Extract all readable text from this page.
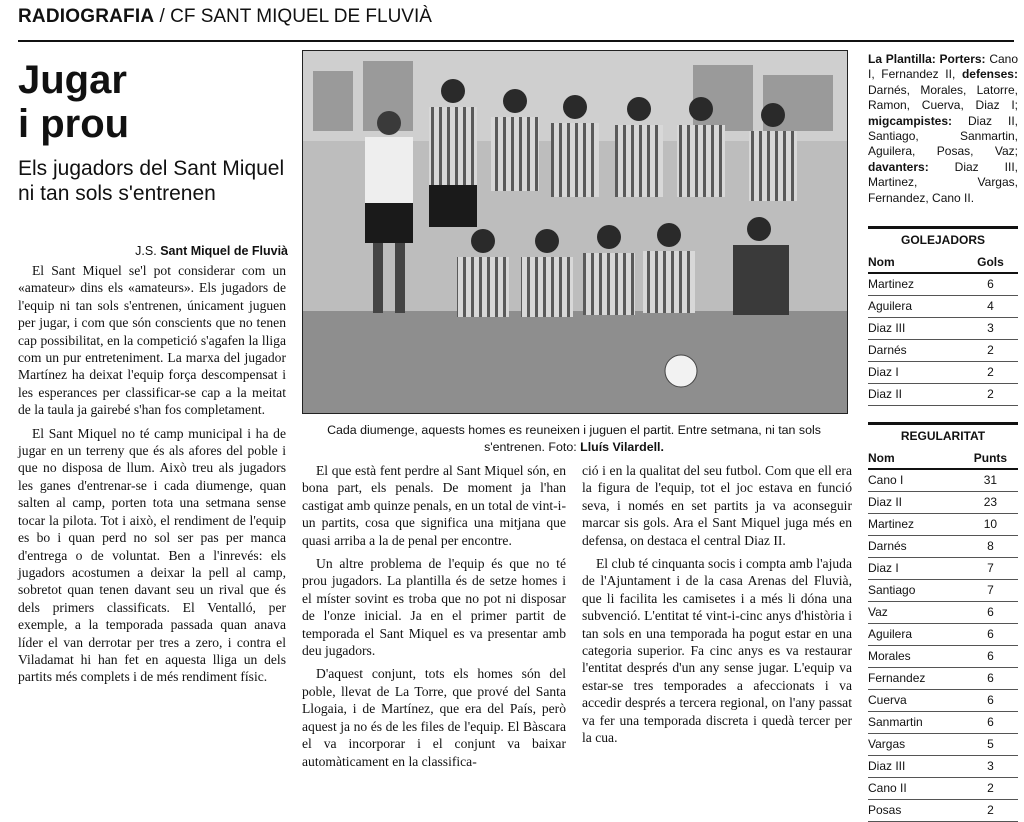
RADIOGRAFIA / CF SANT MIQUEL DE FLUVIÀ
Jugar
i prou
Els jugadors del Sant Miquel ni tan sols s'entrenen
J.S. Sant Miquel de Fluvià

El Sant Miquel se'l pot considerar com un «amateur» dins els «amateurs». Els jugadors de l'equip ni tan sols s'entrenen, únicament juguen per jugar, i com que són conscients que no tenen cap possibilitat, en la competició s'agafen la lliga com un pur entreteniment. La marxa del jugador Martínez ha deixat l'equip força descompensat i les esperances per classificar-se cap a la meitat de la taula ja gairebé s'han fos completament.

El Sant Miquel no té camp municipal i ha de jugar en un terreny que és als afores del poble i que no disposa de llum. Això treu als jugadors les ganes d'entrenar-se i cada diumenge, quan salten al camp, porten tota una setmana sense tocar la pilota. Tot i això, el rendiment de l'equip es bo i quan perd no sol ser pas per manca d'entrega o de voluntat. Ben a l'inrevés: els jugadors acostumen a deixar la pell al camp, sobretot quan tenen davant seu un rival que és dels primers classificats. El Ventalló, per exemple, a la temporada passada quan anava líder el van derrotar per tres a zero, i contra el Viladamat hi han fet en aquesta lliga un dels partits més complets i de més rendiment físic.

Cada diumenge, aquests homes es reuneixen i juguen el partit. Entre setmana, ni tan sols s'entrenen. Foto: Lluís Vilardell.

El que està fent perdre al Sant Miquel són, en bona part, els penals. De moment ja l'han castigat amb quinze penals, en un total de vint-i-un partits, cosa que significa una mitjana que quasi arriba a la de penal per encontre.

Un altre problema de l'equip és que no té prou jugadors. La plantilla és de setze homes i el míster sovint es troba que no pot ni disposar de l'onze inicial. Ja en el primer partit de temporada el Sant Miquel es va presentar amb deu jugadors.

D'aquest conjunt, tots els homes són del poble, llevat de La Torre, que prové del Santa Llogaia, i de Martínez, que era del País, però aquest ja no és de les files de l'equip. El Bàscara el va incorporar i el conjunt va baixar automàticament en la classifica-

ció i en la qualitat del seu futbol. Com que ell era la figura de l'equip, tot el joc estava en funció seva, i només en set partits ja va aconseguir marcar sis gols. Ara el Sant Miquel juga més en defensa, on destaca el central Diaz II.

El club té cinquanta socis i compta amb l'ajuda de l'Ajuntament i de la casa Arenas del Fluvià, que li facilita les camisetes i a més li dóna una subvenció. L'entitat té vint-i-cinc anys d'història i tan sols en una temporada ha pogut estar en una categoria superior. Fa cinc anys es va restaurar l'entitat després d'un any sense jugar. L'equip va estar-se tres temporades a afeccionats i va accedir després a tercera regional, on l'any passat va fer una temporada discreta i quedà tercer per la cua.

La Plantilla: Porters: Cano I, Fernandez II, defenses: Darnés, Morales, Latorre, Ramon, Cuerva, Diaz I; migcampistes: Diaz II, Santiago, Sanmartin, Aguilera, Posas, Vaz; davanters: Diaz III, Martinez, Vargas, Fernandez, Cano II.
GOLEJADORS
Nom	Gols
Martinez	6
Aguilera	4
Diaz III	3
Darnés	2
Diaz I	2
Diaz II	2
REGULARITAT
Nom	Punts
Cano I	31
Diaz II	23
Martinez	10
Darnés	8
Diaz I	7
Santiago	7
Vaz	6
Aguilera	6
Morales	6
Fernandez	6
Cuerva	6
Sanmartin	6
Vargas	5
Diaz III	3
Cano II	2
Posas	2
